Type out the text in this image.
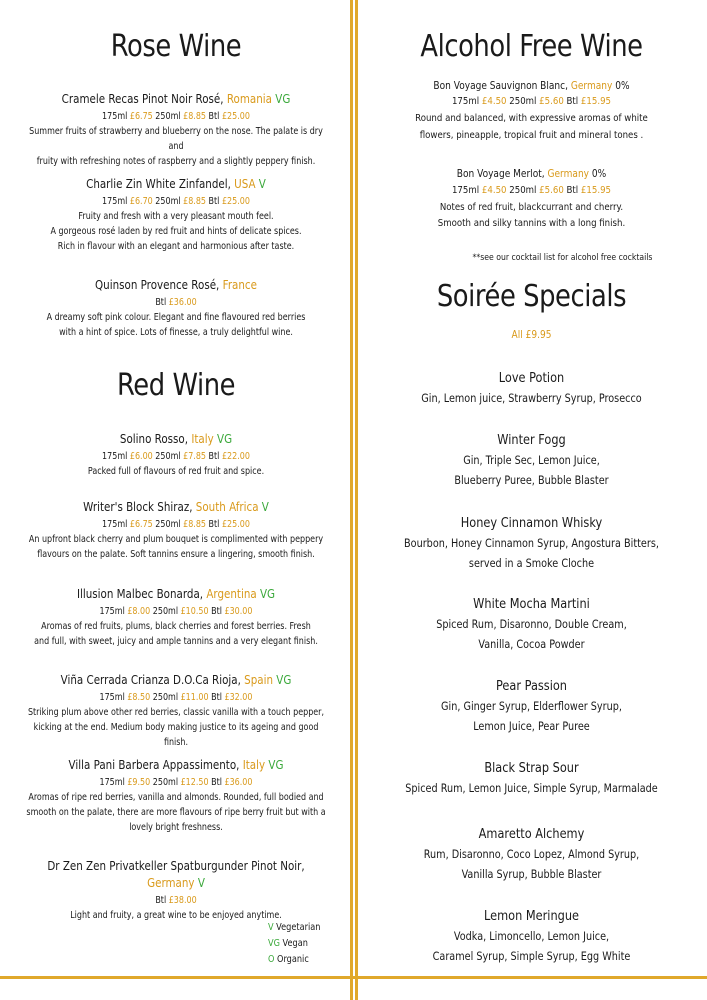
Rose Wine
Cramele Recas Pinot Noir Rosé, Romania VG
175ml £6.75 250ml £8.85 Btl £25.00
Summer fruits of strawberry and blueberry on the nose. The palate is dry and
fruity with refreshing notes of raspberry and a slightly peppery finish.
Charlie Zin White Zinfandel, USA V
175ml £6.70 250ml £8.85 Btl £25.00
Fruity and fresh with a very pleasant mouth feel.
A gorgeous rosé laden by red fruit and hints of delicate spices.
Rich in flavour with an elegant and harmonious after taste.
Quinson Provence Rosé, France
Btl £36.00
A dreamy soft pink colour. Elegant and fine flavoured red berries
with a hint of spice. Lots of finesse, a truly delightful wine.
Red Wine
Solino Rosso, Italy VG
175ml £6.00 250ml £7.85 Btl £22.00
Packed full of flavours of red fruit and spice.
Writer's Block Shiraz, South Africa V
175ml £6.75 250ml £8.85 Btl £25.00
An upfront black cherry and plum bouquet is complimented with peppery
flavours on the palate. Soft tannins ensure a lingering, smooth finish.
Illusion Malbec Bonarda, Argentina VG
175ml £8.00 250ml £10.50 Btl £30.00
Aromas of red fruits, plums, black cherries and forest berries. Fresh
and full, with sweet, juicy and ample tannins and a very elegant finish.
Viña Cerrada Crianza D.O.Ca Rioja, Spain VG
175ml £8.50 250ml £11.00 Btl £32.00
Striking plum above other red berries, classic vanilla with a touch pepper,
kicking at the end. Medium body making justice to its ageing and good finish.
Villa Pani Barbera Appassimento, Italy VG
175ml £9.50 250ml £12.50 Btl £36.00
Aromas of ripe red berries, vanilla and almonds. Rounded, full bodied and
smooth on the palate, there are more flavours of ripe berry fruit but with a
lovely bright freshness.
Dr Zen Zen Privatkeller Spatburgunder Pinot Noir, Germany V
Btl £38.00
Light and fruity, a great wine to be enjoyed anytime.
V Vegetarian
VG Vegan
O Organic
Alcohol Free Wine
Bon Voyage Sauvignon Blanc, Germany 0%
175ml £4.50 250ml £5.60 Btl £15.95
Round and balanced, with expressive aromas of white
flowers, pineapple, tropical fruit and mineral tones .
Bon Voyage Merlot, Germany 0%
175ml £4.50 250ml £5.60 Btl £15.95
Notes of red fruit, blackcurrant and cherry.
Smooth and silky tannins with a long finish.
**see our cocktail list for alcohol free cocktails
Soirée Specials
All £9.95
Love Potion
Gin, Lemon juice, Strawberry Syrup, Prosecco
Winter Fogg
Gin, Triple Sec, Lemon Juice,
Blueberry Puree, Bubble Blaster
Honey Cinnamon Whisky
Bourbon, Honey Cinnamon Syrup, Angostura Bitters,
served in a Smoke Cloche
White Mocha Martini
Spiced Rum, Disaronno, Double Cream,
Vanilla, Cocoa Powder
Pear Passion
Gin, Ginger Syrup, Elderflower Syrup,
Lemon Juice, Pear Puree
Black Strap Sour
Spiced Rum, Lemon Juice, Simple Syrup, Marmalade
Amaretto Alchemy
Rum, Disaronno, Coco Lopez, Almond Syrup,
Vanilla Syrup, Bubble Blaster
Lemon Meringue
Vodka, Limoncello, Lemon Juice,
Caramel Syrup, Simple Syrup, Egg White
